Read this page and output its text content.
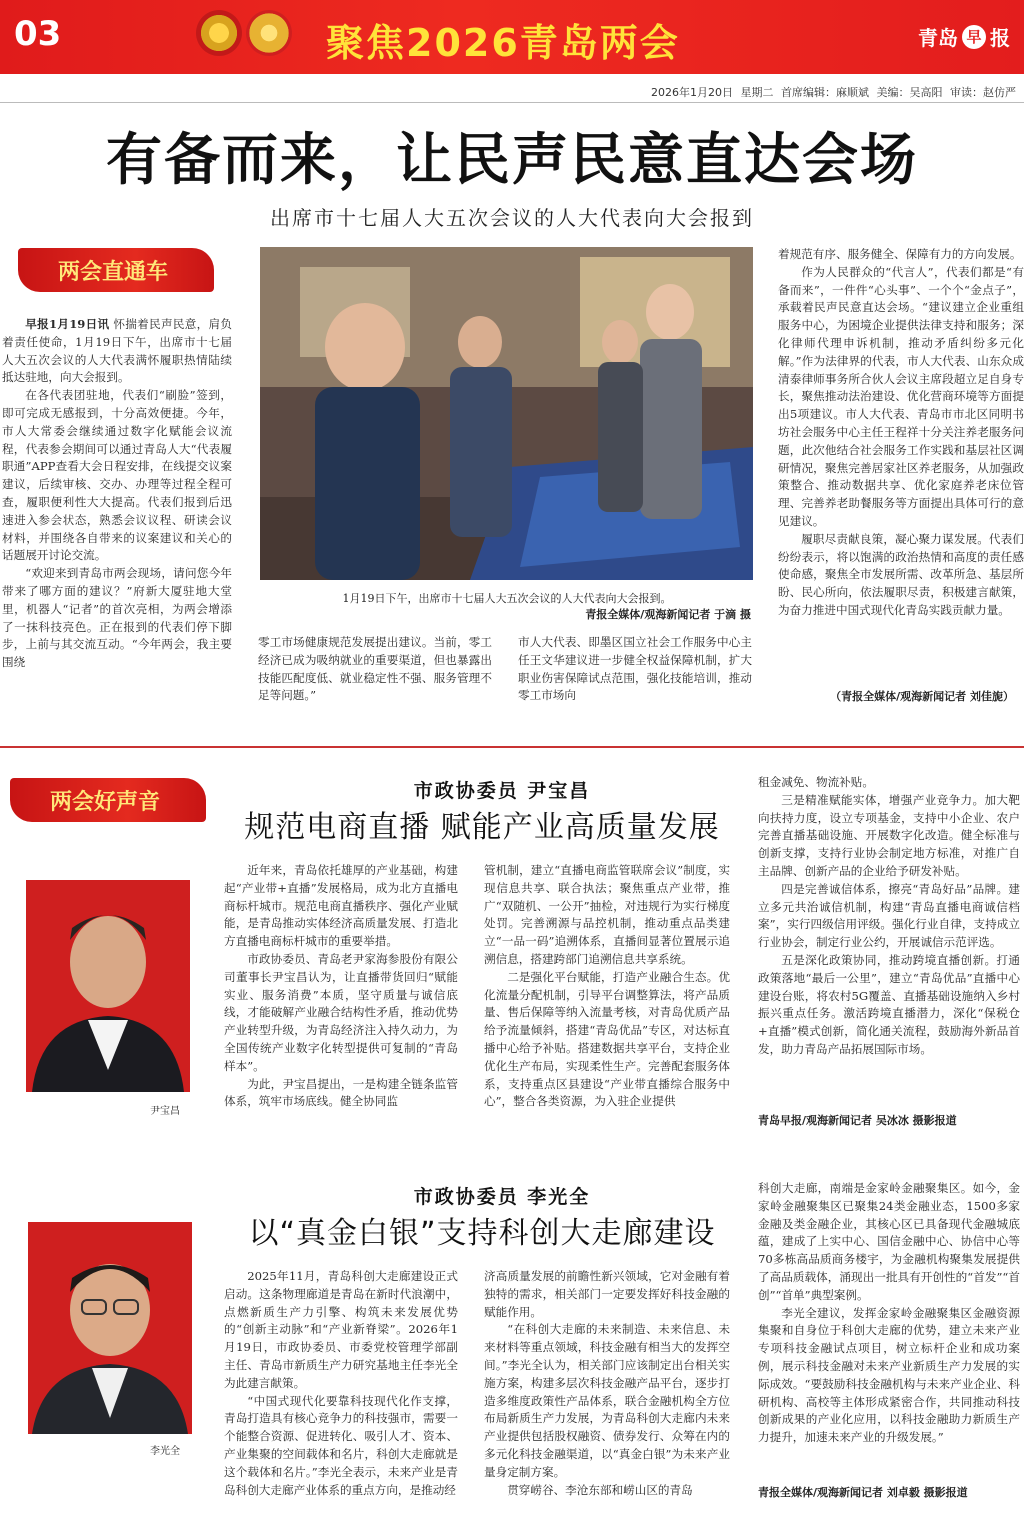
03	聚焦2026青岛两会	青岛 早 报
2026年1月20日 星期二 首席编辑：麻顺斌 美编：吴高阳 审读：赵仿严
有备而来，让民声民意直达会场
出席市十七届人大五次会议的人大代表向大会报到
两会直通车

早报1月19日讯 怀揣着民声民意，肩负着责任使命，1月19日下午，出席市十七届人大五次会议的人大代表满怀履职热情陆续抵达驻地，向大会报到。

在各代表团驻地，代表们“刷脸”签到，即可完成无感报到，十分高效便捷。今年，市人大常委会继续通过数字化赋能会议流程，代表参会期间可以通过青岛人大“代表履职通”APP查看大会日程安排，在线提交议案建议，后续审核、交办、办理等过程全程可查，履职便利性大大提高。代表们报到后迅速进入参会状态，熟悉会议议程、研读会议材料，并围绕各自带来的议案建议和关心的话题展开讨论交流。

“欢迎来到青岛市两会现场，请问您今年带来了哪方面的建议？”府新大厦驻地大堂里，机器人“记者”的首次亮相，为两会增添了一抹科技亮色。正在报到的代表们停下脚步，上前与其交流互动。“今年两会，我主要围绕

1月19日下午，出席市十七届人大五次会议的人大代表向大会报到。
青报全媒体/观海新闻记者 于滴 摄

零工市场健康规范发展提出建议。当前，零工经济已成为吸纳就业的重要渠道，但也暴露出技能匹配度低、就业稳定性不强、服务管理不足等问题。”

市人大代表、即墨区国立社会工作服务中心主任王文华建议进一步健全权益保障机制，扩大职业伤害保障试点范围，强化技能培训，推动零工市场向

着规范有序、服务健全、保障有力的方向发展。

作为人民群众的“代言人”，代表们都是“有备而来”，一件件“心头事”、一个个“金点子”，承载着民声民意直达会场。“建议建立企业重组服务中心，为困境企业提供法律支持和服务；深化律师代理申诉机制，推动矛盾纠纷多元化解。”作为法律界的代表，市人大代表、山东众成清泰律师事务所合伙人会议主席段超立足自身专长，聚焦推动法治建设、优化营商环境等方面提出5项建议。市人大代表、青岛市市北区同明书坊社会服务中心主任王程祥十分关注养老服务问题，此次他结合社会服务工作实践和基层社区调研情况，聚焦完善居家社区养老服务，从加强政策整合、推动数据共享、优化家庭养老床位管理、完善养老助餐服务等方面提出具体可行的意见建议。

履职尽责献良策，凝心聚力谋发展。代表们纷纷表示，将以饱满的政治热情和高度的责任感使命感，聚焦全市发展所需、改革所急、基层所盼、民心所向，依法履职尽责，积极建言献策，为奋力推进中国式现代化青岛实践贡献力量。

（青报全媒体/观海新闻记者 刘佳旎）
两会好声音	市政协委员 尹宝昌
规范电商直播 赋能产业高质量发展
尹宝昌

近年来，青岛依托雄厚的产业基础，构建起“产业带+直播”发展格局，成为北方直播电商标杆城市。规范电商直播秩序、强化产业赋能，是青岛推动实体经济高质量发展、打造北方直播电商标杆城市的重要举措。

市政协委员、青岛老尹家海参股份有限公司董事长尹宝昌认为，让直播带货回归“赋能实业、服务消费”本质，坚守质量与诚信底线，才能破解产业融合结构性矛盾，推动优势产业转型升级，为青岛经济注入持久动力，为全国传统产业数字化转型提供可复制的“青岛样本”。

为此，尹宝昌提出，一是构建全链条监管体系，筑牢市场底线。健全协同监

管机制，建立“直播电商监管联席会议”制度，实现信息共享、联合执法；聚焦重点产业带，推广“双随机、一公开”抽检，对违规行为实行梯度处罚。完善溯源与品控机制，推动重点品类建立“一品一码”追溯体系，直播间显著位置展示追溯信息，搭建跨部门追溯信息共享系统。

二是强化平台赋能，打造产业融合生态。优化流量分配机制，引导平台调整算法，将产品质量、售后保障等纳入流量考核，对青岛优质产品给予流量倾斜，搭建“青岛优品”专区，对达标直播中心给予补贴。搭建数据共享平台，支持企业优化生产布局，实现柔性生产。完善配套服务体系，支持重点区县建设“产业带直播综合服务中心”，整合各类资源，为入驻企业提供

租金减免、物流补贴。

三是精准赋能实体，增强产业竞争力。加大靶向扶持力度，设立专项基金，支持中小企业、农户完善直播基础设施、开展数字化改造。健全标准与创新支撑，支持行业协会制定地方标准，对推广自主品牌、创新产品的企业给予研发补贴。

四是完善诚信体系，擦亮“青岛好品”品牌。建立多元共治诚信机制，构建“青岛直播电商诚信档案”，实行四级信用评级。强化行业自律，支持成立行业协会，制定行业公约，开展诚信示范评选。

五是深化政策协同，推动跨境直播创新。打通政策落地“最后一公里”，建立“青岛优品”直播中心建设台账，将农村5G覆盖、直播基础设施纳入乡村振兴重点任务。激活跨境直播潜力，深化“保税仓+直播”模式创新，简化通关流程，鼓励海外新品首发，助力青岛产品拓展国际市场。

青岛早报/观海新闻记者 吴冰冰 摄影报道
市政协委员 李光全
以“真金白银”支持科创大走廊建设
李光全

2025年11月，青岛科创大走廊建设正式启动。这条物理廊道是青岛在新时代浪潮中，点燃新质生产力引擎、构筑未来发展优势的“创新主动脉”和“产业新脊梁”。2026年1月19日，市政协委员、市委党校管理学部副主任、青岛市新质生产力研究基地主任李光全为此建言献策。

“中国式现代化要靠科技现代化作支撑，青岛打造具有核心竞争力的科技强市，需要一个能整合资源、促进转化、吸引人才、资本、产业集聚的空间载体和名片，科创大走廊就是这个载体和名片。”李光全表示，未来产业是青岛科创大走廊产业体系的重点方向，是推动经

济高质量发展的前瞻性新兴领域，它对金融有着独特的需求，相关部门一定要发挥好科技金融的赋能作用。

“在科创大走廊的未来制造、未来信息、未来材料等重点领域，科技金融有相当大的发挥空间。”李光全认为，相关部门应该制定出台相关实施方案，构建多层次科技金融产品平台，逐步打造多维度政策性产品体系，联合金融机构全方位布局新质生产力发展，为青岛科创大走廊内未来产业提供包括股权融资、债券发行、众筹在内的多元化科技金融渠道，以“真金白银”为未来产业量身定制方案。

贯穿崂谷、李沧东部和崂山区的青岛

科创大走廊，南端是金家岭金融聚集区。如今，金家岭金融聚集区已聚集24类金融业态，1500多家金融及类金融企业，其核心区已具备现代金融城底蕴，建成了上实中心、国信金融中心、协信中心等70多栋高品质商务楼宇，为金融机构聚集发展提供了高品质载体，涌现出一批具有开创性的“首发”“首创”“首单”典型案例。

李光全建议，发挥金家岭金融聚集区金融资源集聚和自身位于科创大走廊的优势，建立未来产业专项科技金融试点项目，树立标杆企业和成功案例，展示科技金融对未来产业新质生产力发展的实际成效。“要鼓励科技金融机构与未来产业企业、科研机构、高校等主体形成紧密合作，共同推动科技创新成果的产业化应用，以科技金融助力新质生产力提升，加速未来产业的升级发展。”

青报全媒体/观海新闻记者 刘卓毅 摄影报道
